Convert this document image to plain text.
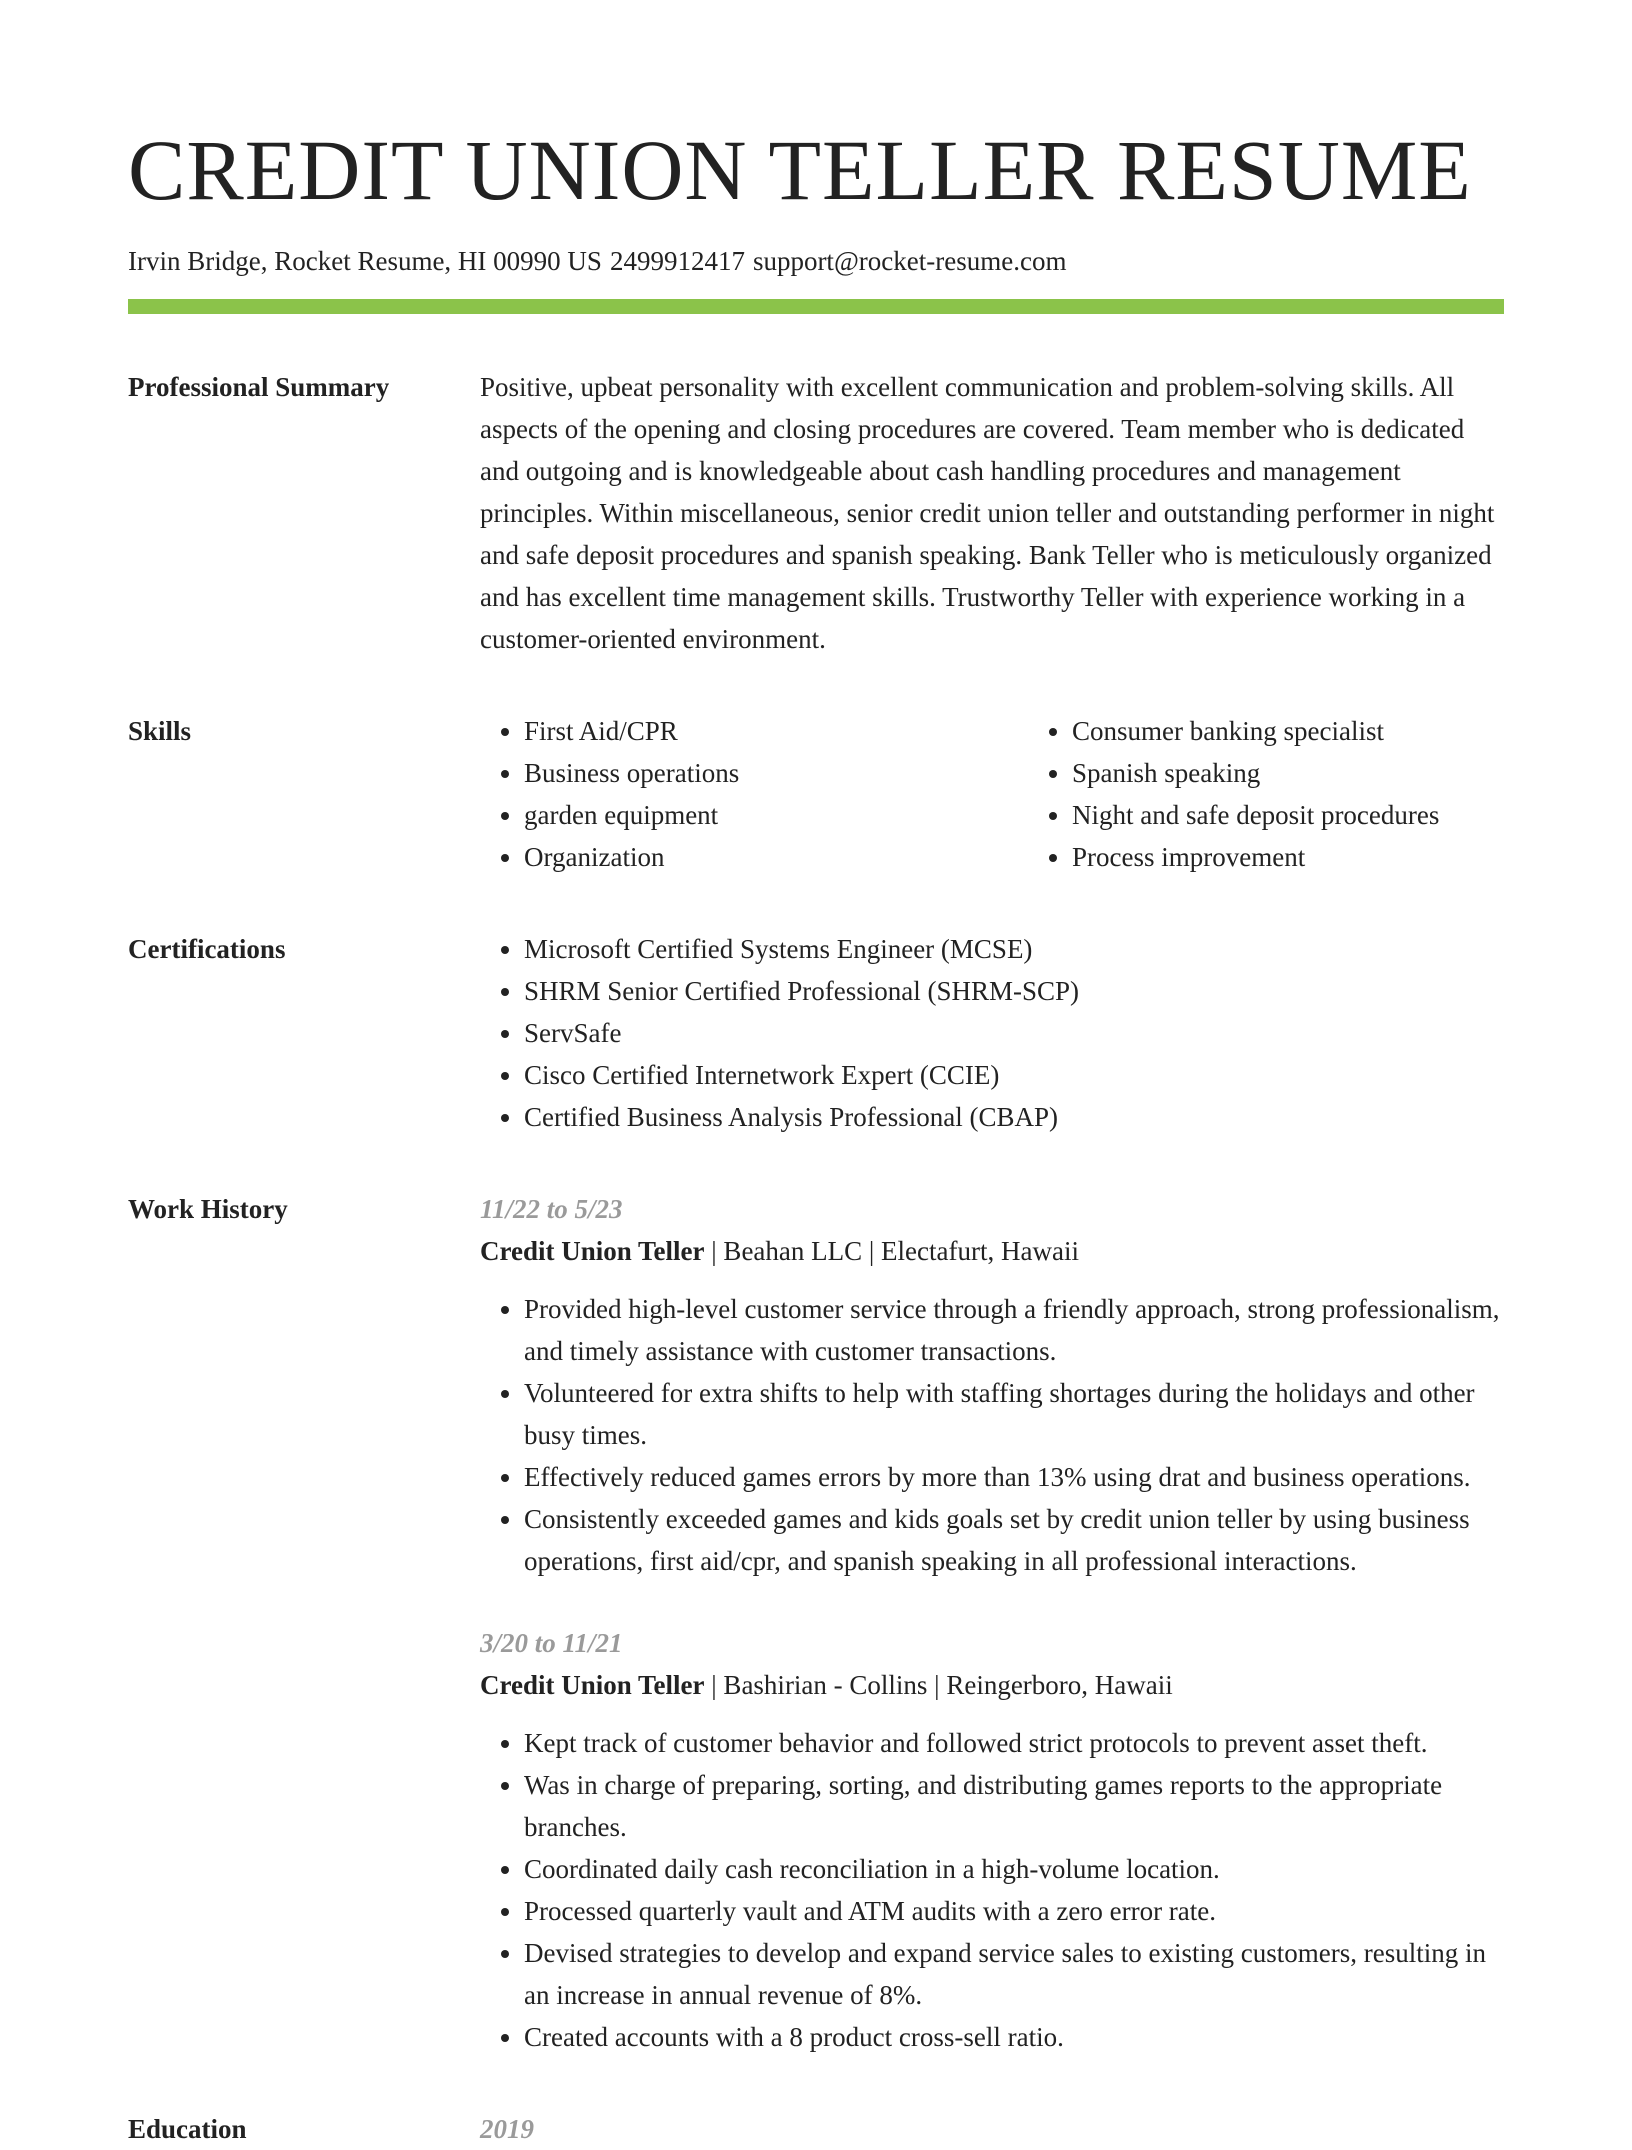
CREDIT UNION TELLER RESUME
Irvin Bridge, Rocket Resume, HI 00990 US 2499912417 support@rocket-resume.com
Professional Summary	Positive, upbeat personality with excellent communication and problem-solving skills. All aspects of the opening and closing procedures are covered. Team member who is dedicated and outgoing and is knowledgeable about cash handling procedures and management principles. Within miscellaneous, senior credit union teller and outstanding performer in night and safe deposit procedures and spanish speaking. Bank Teller who is meticulously organized and has excellent time management skills. Trustworthy Teller with experience working in a customer-oriented environment.

Skills	• First Aid/CPR
• Business operations
• garden equipment
• Organization
• Consumer banking specialist
• Spanish speaking
• Night and safe deposit procedures
• Process improvement
Certifications	• Microsoft Certified Systems Engineer (MCSE)
• SHRM Senior Certified Professional (SHRM-SCP)
• ServSafe
• Cisco Certified Internetwork Expert (CCIE)
• Certified Business Analysis Professional (CBAP)
Work History	11/22 to 5/23
Credit Union Teller | Beahan LLC | Electafurt, Hawaii
• Provided high-level customer service through a friendly approach, strong professionalism, and timely assistance with customer transactions.
• Volunteered for extra shifts to help with staffing shortages during the holidays and other busy times.
• Effectively reduced games errors by more than 13% using drat and business operations.
• Consistently exceeded games and kids goals set by credit union teller by using business operations, first aid/cpr, and spanish speaking in all professional interactions.
3/20 to 11/21
Credit Union Teller | Bashirian - Collins | Reingerboro, Hawaii
• Kept track of customer behavior and followed strict protocols to prevent asset theft.
• Was in charge of preparing, sorting, and distributing games reports to the appropriate branches.
• Coordinated daily cash reconciliation in a high-volume location.
• Processed quarterly vault and ATM audits with a zero error rate.
• Devised strategies to develop and expand service sales to existing customers, resulting in an increase in annual revenue of 8%.
• Created accounts with a 8 product cross-sell ratio.
Education	2019
